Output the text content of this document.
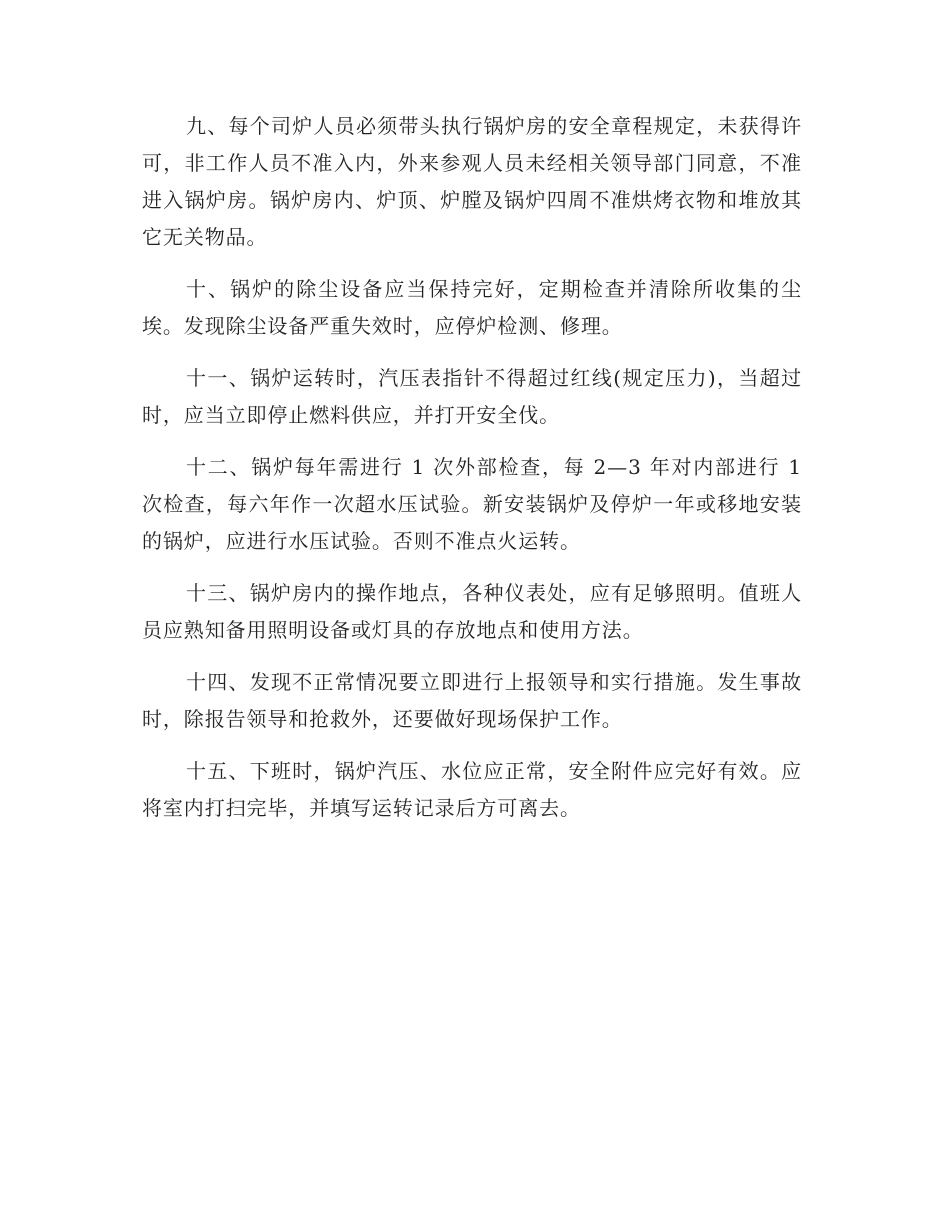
九、每个司炉人员必须带头执行锅炉房的安全章程规定，未获得许可，非工作人员不准入内，外来参观人员未经相关领导部门同意，不准进入锅炉房。锅炉房内、炉顶、炉膛及锅炉四周不准烘烤衣物和堆放其它无关物品。

十、锅炉的除尘设备应当保持完好，定期检查并清除所收集的尘埃。发现除尘设备严重失效时，应停炉检测、修理。

十一、锅炉运转时，汽压表指针不得超过红线(规定压力)，当超过时，应当立即停止燃料供应，并打开安全伐。

十二、锅炉每年需进行 1 次外部检查，每 2—3 年对内部进行 1 次检查，每六年作一次超水压试验。新安装锅炉及停炉一年或移地安装的锅炉，应进行水压试验。否则不准点火运转。

十三、锅炉房内的操作地点，各种仪表处，应有足够照明。值班人员应熟知备用照明设备或灯具的存放地点和使用方法。

十四、发现不正常情况要立即进行上报领导和实行措施。发生事故时，除报告领导和抢救外，还要做好现场保护工作。

十五、下班时，锅炉汽压、水位应正常，安全附件应完好有效。应将室内打扫完毕，并填写运转记录后方可离去。
